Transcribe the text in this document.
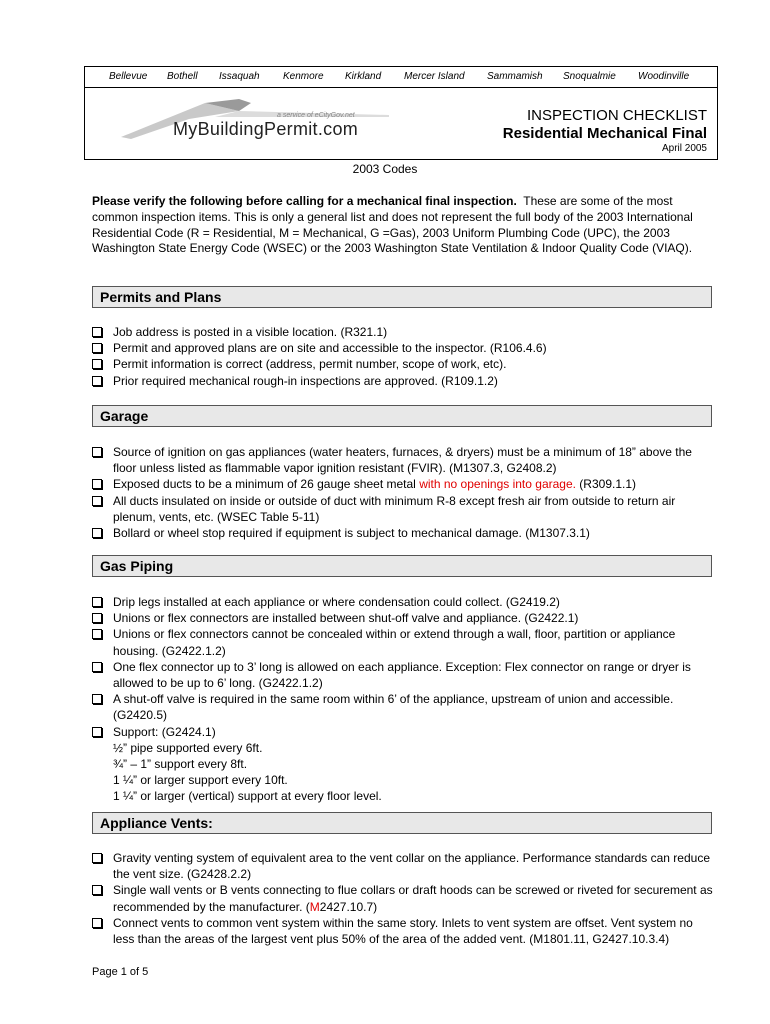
Bellevue Bothell Issaquah Kenmore Kirkland Mercer Island Sammamish Snoqualmie Woodinville
a service of eCityGov.net
MyBuildingPermit.com
INSPECTION CHECKLIST
Residential Mechanical Final
April 2005
2003 Codes
Please verify the following before calling for a mechanical final inspection. These are some of the most common inspection items. This is only a general list and does not represent the full body of the 2003 International Residential Code (R = Residential, M = Mechanical, G =Gas), 2003 Uniform Plumbing Code (UPC), the 2003 Washington State Energy Code (WSEC) or the 2003 Washington State Ventilation & Indoor Quality Code (VIAQ).
Permits and Plans
Job address is posted in a visible location. (R321.1)
Permit and approved plans are on site and accessible to the inspector. (R106.4.6)
Permit information is correct (address, permit number, scope of work, etc).
Prior required mechanical rough-in inspections are approved. (R109.1.2)
Garage
Source of ignition on gas appliances (water heaters, furnaces, & dryers) must be a minimum of 18” above the floor unless listed as flammable vapor ignition resistant (FVIR). (M1307.3, G2408.2)
Exposed ducts to be a minimum of 26 gauge sheet metal with no openings into garage. (R309.1.1)
All ducts insulated on inside or outside of duct with minimum R-8 except fresh air from outside to return air plenum, vents, etc. (WSEC Table 5-11)
Bollard or wheel stop required if equipment is subject to mechanical damage. (M1307.3.1)
Gas Piping
Drip legs installed at each appliance or where condensation could collect. (G2419.2)
Unions or flex connectors are installed between shut-off valve and appliance. (G2422.1)
Unions or flex connectors cannot be concealed within or extend through a wall, floor, partition or appliance housing. (G2422.1.2)
One flex connector up to 3’ long is allowed on each appliance. Exception: Flex connector on range or dryer is allowed to be up to 6’ long. (G2422.1.2)
A shut-off valve is required in the same room within 6’ of the appliance, upstream of union and accessible. (G2420.5)
Support: (G2424.1)
½” pipe supported every 6ft.
¾” – 1” support every 8ft.
1 ¼” or larger support every 10ft.
1 ¼” or larger (vertical) support at every floor level.
Appliance Vents:
Gravity venting system of equivalent area to the vent collar on the appliance. Performance standards can reduce the vent size. (G2428.2.2)
Single wall vents or B vents connecting to flue collars or draft hoods can be screwed or riveted for securement as recommended by the manufacturer. (M2427.10.7)
Connect vents to common vent system within the same story. Inlets to vent system are offset. Vent system no less than the areas of the largest vent plus 50% of the area of the added vent. (M1801.11, G2427.10.3.4)
Page 1 of 5
